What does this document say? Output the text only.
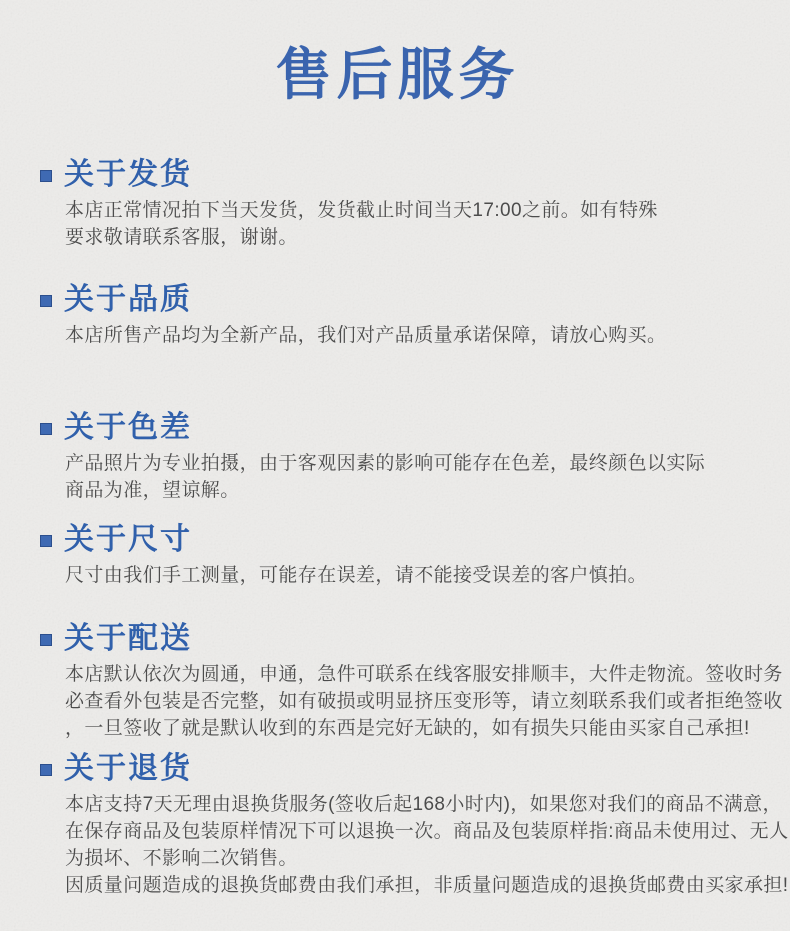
售后服务
关于发货
本店正常情况拍下当天发货，发货截止时间当天17:00之前。如有特殊
要求敬请联系客服，谢谢。
关于品质
本店所售产品均为全新产品，我们对产品质量承诺保障，请放心购买。
关于色差
产品照片为专业拍摄，由于客观因素的影响可能存在色差，最终颜色以实际
商品为准，望谅解。
关于尺寸
尺寸由我们手工测量，可能存在误差，请不能接受误差的客户慎拍。
关于配送
本店默认依次为圆通，申通，急件可联系在线客服安排顺丰，大件走物流。签收时务
必查看外包装是否完整，如有破损或明显挤压变形等，请立刻联系我们或者拒绝签收
，一旦签收了就是默认收到的东西是完好无缺的，如有损失只能由买家自己承担!
关于退货
本店支持7天无理由退换货服务(签收后起168小时内)，如果您对我们的商品不满意，
在保存商品及包装原样情况下可以退换一次。商品及包装原样指:商品未使用过、无人
为损坏、不影响二次销售。
因质量问题造成的退换货邮费由我们承担，非质量问题造成的退换货邮费由买家承担!
